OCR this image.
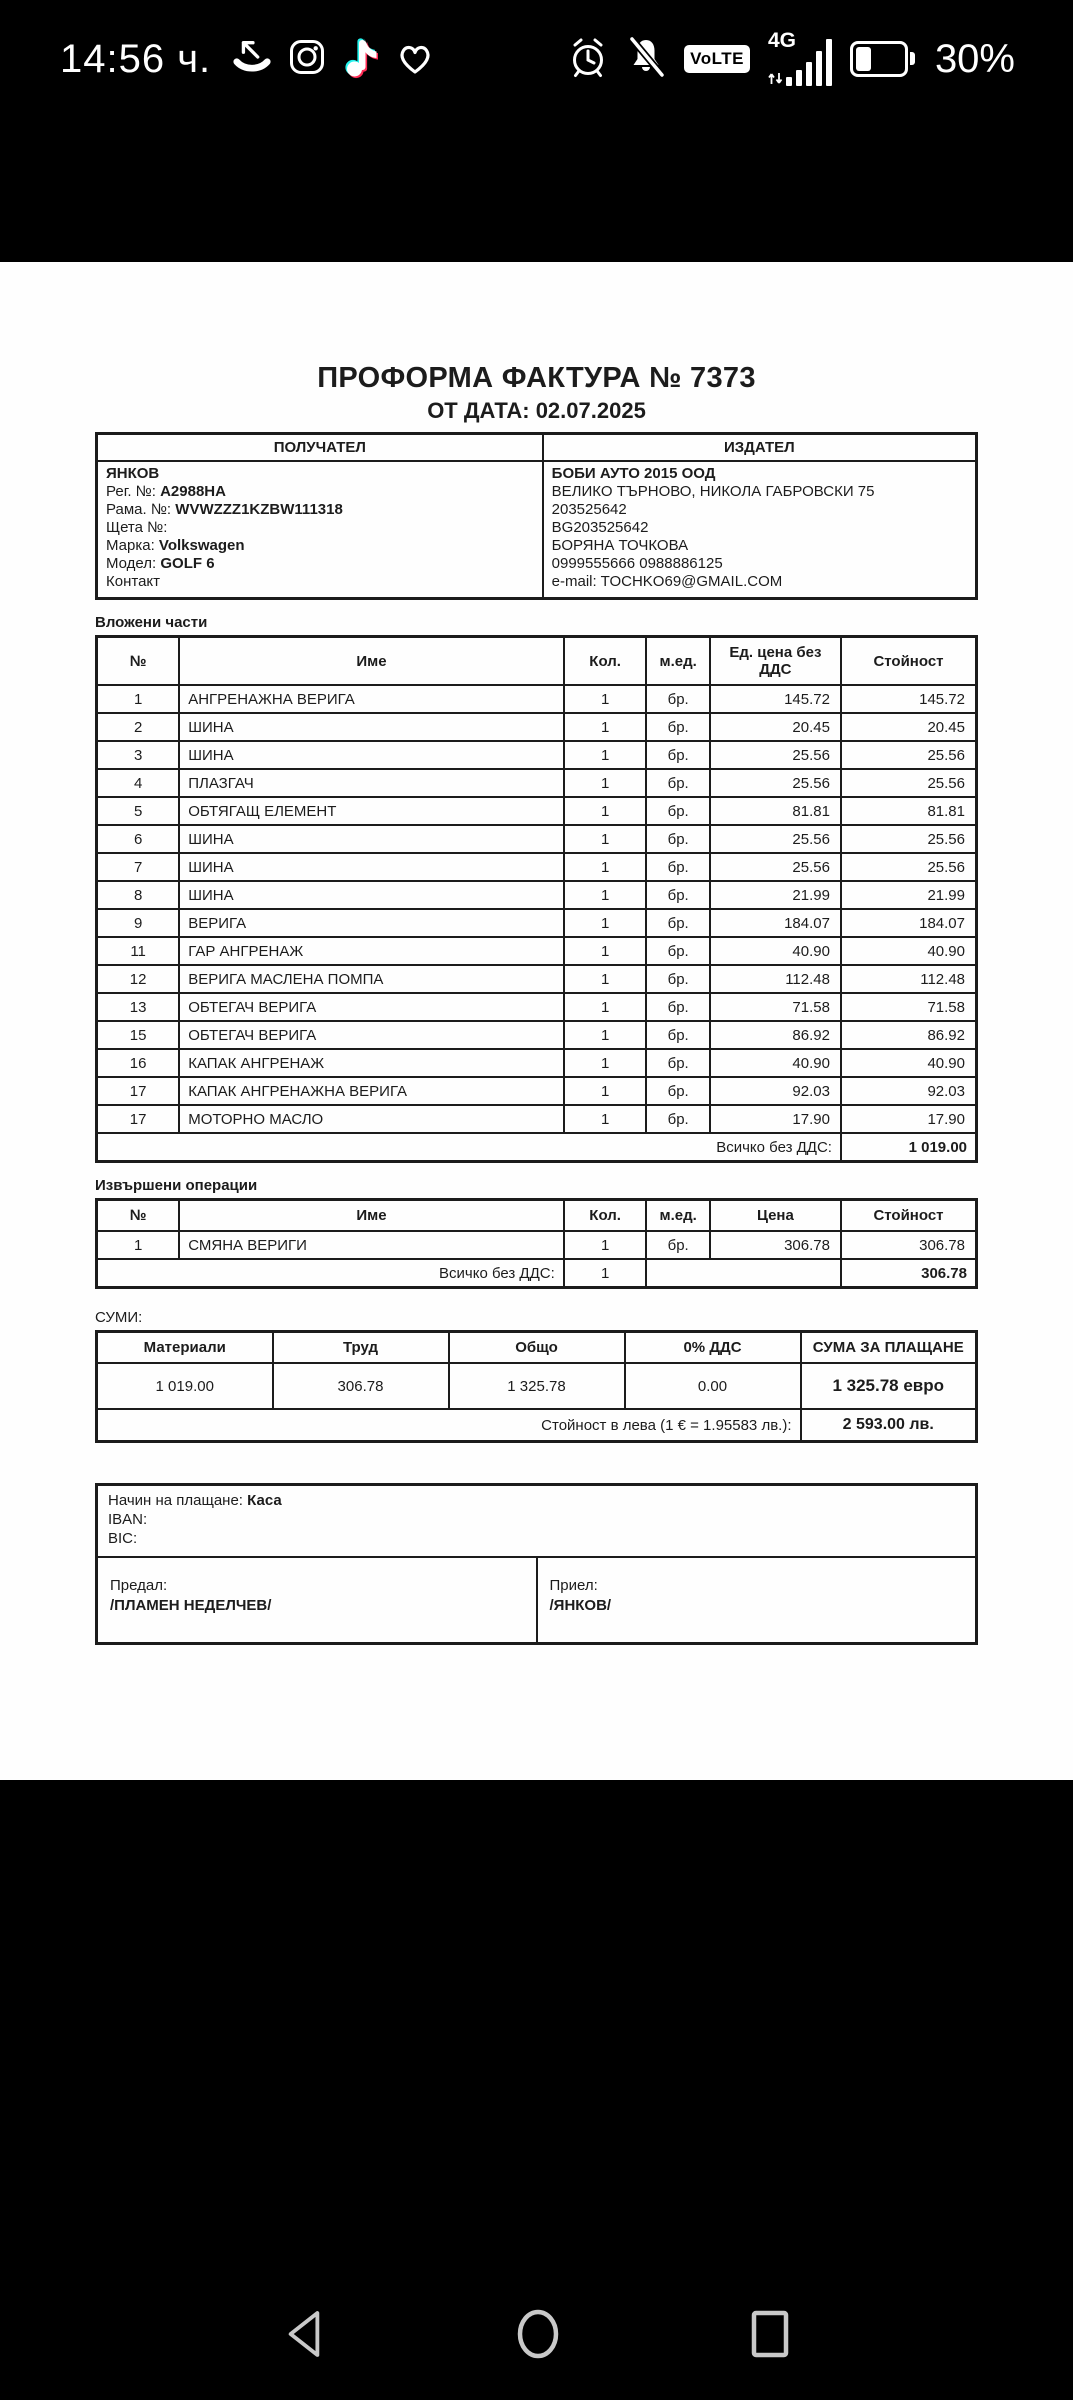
14:56 ч.	VoLTE
4G	30%
ПРОФОРМА ФАКТУРА № 7373
ОТ ДАТА: 02.07.2025
ПОЛУЧАТЕЛ	ИЗДАТЕЛ

ЯНКОВ
Рег. №: А2988НА
Рама. №: WVWZZZ1KZBW111318
Щета №:
Марка: Volkswagen
Модел: GOLF 6
Контакт

БОБИ АУТО 2015 ООД
ВЕЛИКО ТЪРНОВО, НИКОЛА ГАБРОВСКИ 75
203525642
BG203525642
БОРЯНА ТОЧКОВА
0999555666 0988886125
e-mail: TOCHKO69@GMAIL.COM
Вложени части
№	Име	Кол.	м.ед.	Ед. цена без ДДС	Стойност
1	АНГРЕНАЖНА ВЕРИГА	1	бр.	145.72	145.72
2	ШИНА	1	бр.	20.45	20.45
3	ШИНА	1	бр.	25.56	25.56
4	ПЛАЗГАЧ	1	бр.	25.56	25.56
5	ОБТЯГАЩ ЕЛЕМЕНТ	1	бр.	81.81	81.81
6	ШИНА	1	бр.	25.56	25.56
7	ШИНА	1	бр.	25.56	25.56
8	ШИНА	1	бр.	21.99	21.99
9	ВЕРИГА	1	бр.	184.07	184.07
11	ГАР АНГРЕНАЖ	1	бр.	40.90	40.90
12	ВЕРИГА МАСЛЕНА ПОМПА	1	бр.	112.48	112.48
13	ОБТЕГАЧ ВЕРИГА	1	бр.	71.58	71.58
15	ОБТЕГАЧ ВЕРИГА	1	бр.	86.92	86.92
16	КАПАК АНГРЕНАЖ	1	бр.	40.90	40.90
17	КАПАК АНГРЕНАЖНА ВЕРИГА	1	бр.	92.03	92.03
17	МОТОРНО МАСЛО	1	бр.	17.90	17.90
Всичко без ДДС:					1 019.00
Извършени операции
№	Име	Кол.	м.ед.	Цена	Стойност
1	СМЯНА ВЕРИГИ	1	бр.	306.78	306.78
Всичко без ДДС:		1			306.78
СУМИ:
Материали	Труд	Общо	0% ДДС	СУМА ЗА ПЛАЩАНЕ
1 019.00	306.78	1 325.78	0.00	1 325.78 евро
Стойност в лева (1 € = 1.95583 лв.):				2 593.00 лв.
Начин на плащане: Каса
IBAN:
BIC:

Предал:
/ПЛАМЕН НЕДЕЛЧЕВ/

Приел:
/ЯНКОВ/
